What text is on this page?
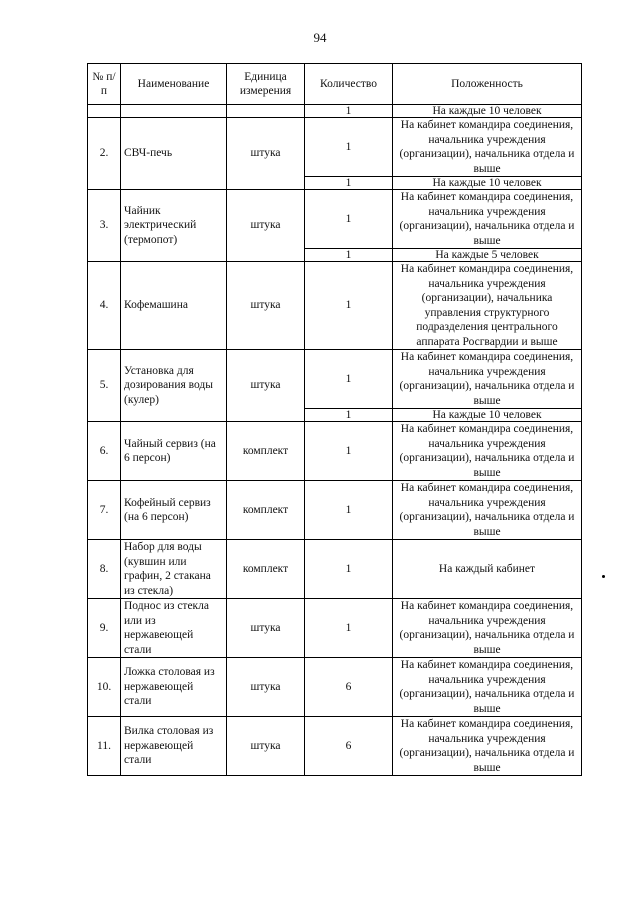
94
№ п/п	Наименование	Единица измерения	Количество	Положенность
			1	На каждые 10 человек
2.	СВЧ-печь	штука	1	На кабинет командира соединения, начальника учреждения (организации), начальника отдела и выше
			1	На каждые 10 человек
3.	Чайник электрический (термопот)	штука	1	На кабинет командира соединения, начальника учреждения (организации), начальника отдела и выше
			1	На каждые 5 человек
4.	Кофемашина	штука	1	На кабинет командира соединения, начальника учреждения (организации), начальника управления структурного подразделения центрального аппарата Росгвардии и выше
5.	Установка для дозирования воды (кулер)	штука	1	На кабинет командира соединения, начальника учреждения (организации), начальника отдела и выше
			1	На каждые 10 человек
6.	Чайный сервиз (на 6 персон)	комплект	1	На кабинет командира соединения, начальника учреждения (организации), начальника отдела и выше
7.	Кофейный сервиз (на 6 персон)	комплект	1	На кабинет командира соединения, начальника учреждения (организации), начальника отдела и выше
8.	Набор для воды (кувшин или графин, 2 стакана из стекла)	комплект	1	На каждый кабинет
9.	Поднос из стекла или из нержавеющей стали	штука	1	На кабинет командира соединения, начальника учреждения (организации), начальника отдела и выше
10.	Ложка столовая из нержавеющей стали	штука	6	На кабинет командира соединения, начальника учреждения (организации), начальника отдела и выше
11.	Вилка столовая из нержавеющей стали	штука	6	На кабинет командира соединения, начальника учреждения (организации), начальника отдела и выше
